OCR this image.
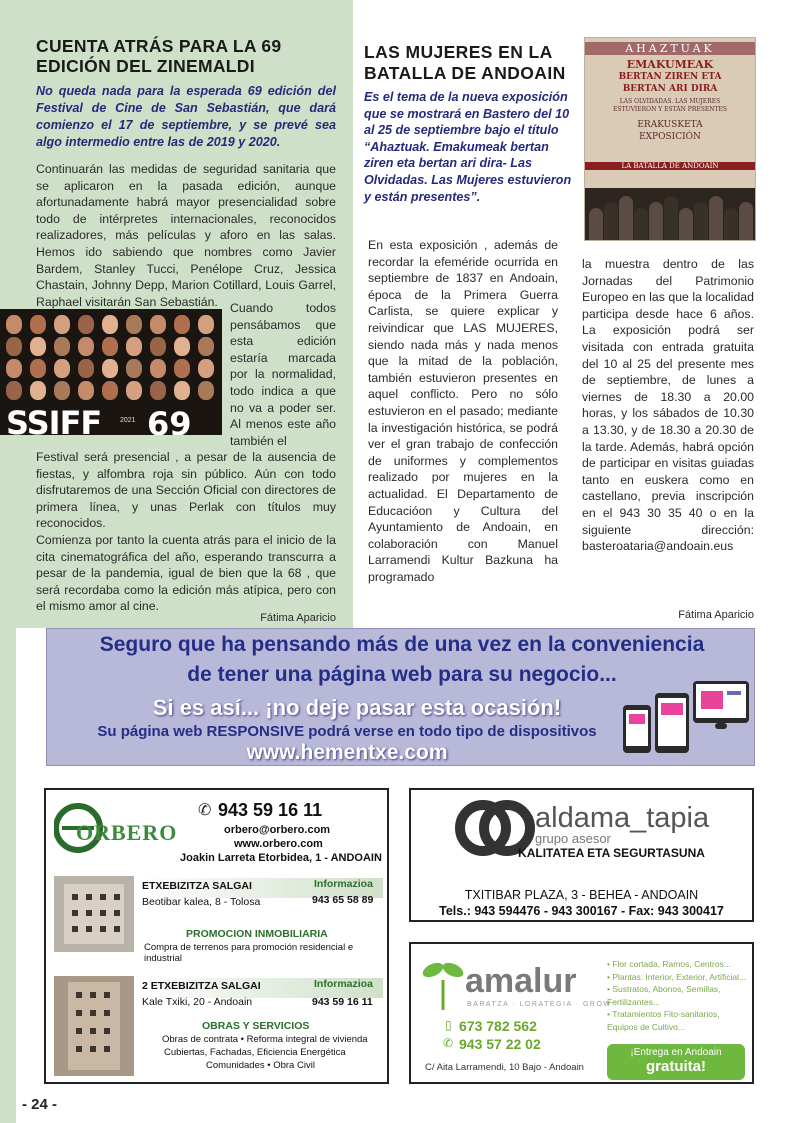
CUENTA ATRÁS PARA LA 69 EDICIÓN DEL ZINEMALDI

No queda nada para la esperada 69 edición del Festival de Cine de San Sebastián, que dará comienzo el 17 de septiembre, y se prevé sea algo intermedio entre las de 2019 y 2020.

Continuarán las medidas de seguridad sanitaria que se aplicaron en la pasada edición, aunque afortunadamente habrá mayor presencialidad sobre todo de intérpretes internacionales, reconocidos realizadores, más películas y aforo en las salas. Hemos ido sabiendo que nombres como Javier Bardem, Stanley Tucci, Penélope Cruz, Jessica Chastain, Johnny Depp, Marion Cotillard, Louis Garrel, Raphael visitarán San Sebastián.

SSIFF	2021 69

Cuando todos pensábamos que esta edición estaría marcada por la normalidad, todo indica a que no va a poder ser. Al menos este año también el

Festival será presencial , a pesar de la ausencia de fiestas, y alfombra roja sin público. Aún con todo disfrutaremos de una Sección Oficial con directores de primera línea, y unas Perlak con títulos muy reconocidos.

Comienza por tanto la cuenta atrás para el inicio de la cita cinematográfica del año, esperando transcurra a pesar de la pandemia, igual de bien que la 68 , que será recordaba como la edición más atípica, pero con el mismo amor al cine.

Fátima Aparicio

LAS MUJERES EN LA BATALLA DE ANDOAIN

Es el tema de la nueva exposición que se mostrará en Bastero del 10 al 25 de septiembre bajo el título “Ahaztuak. Emakumeak bertan ziren eta bertan ari dira- Las Olvidadas. Las Mujeres estuvieron y están presentes”.

AHAZTUAK
EMAKUMEAK
BERTAN ZIREN ETA
BERTAN ARI DIRA
LAS OLVIDADAS. LAS MUJERES
ESTUVIERON Y ESTÁN PRESENTES
ERAKUSKETA
EXPOSICIÓN
LA BATALLA DE ANDOAIN

En esta exposición , además de recordar la efeméride ocurrida en septiembre de 1837 en Andoain, época de la Primera Guerra Carlista, se quiere explicar y reivindicar que LAS MUJERES, siendo nada más y nada menos que la mitad de la población, también estuvieron presentes en aquel conflicto. Pero no sólo estuvieron en el pasado; mediante la investigación histórica, se podrá ver el gran trabajo de confección de uniformes y complementos realizado por mujeres en la actualidad. El Departamento de Educacióon y Cultura del Ayuntamiento de Andoain, en colaboración con Manuel Larramendi Kultur Bazkuna ha programado

la muestra dentro de las Jornadas del Patrimonio Europeo en las que la localidad participa desde hace 6 años. La exposición podrá ser visitada con entrada gratuita del 10 al 25 del presente mes de septiembre, de lunes a viernes de 18.30 a 20.00 horas, y los sábados de 10.30 a 13.30, y de 18.30 a 20.30 de la tarde. Además, habrá opción de participar en visitas guiadas tanto en euskera como en castellano, previa inscripción en el 943 30 35 40 o en la siguiente dirección: basteroataria@andoain.eus

Fátima Aparicio

Seguro que ha pensando más de una vez en la conveniencia
de tener una página web para su negocio...
Si es así... ¡no deje pasar esta ocasión!
Su página web RESPONSIVE podrá verse en todo tipo de dispositivos
www.hementxe.com
ORBERO
✆ 943 59 16 11
orbero@orbero.com
www.orbero.com
Joakin Larreta Etorbidea, 1 - ANDOAIN
ETXEBIZITZA SALGAI	Informazioa
Beotibar kalea, 8 - Tolosa	943 65 58 89
PROMOCION INMOBILIARIA
Compra de terrenos para promoción residencial e industrial
2 ETXEBIZITZA SALGAI	Informazioa
Kale Txiki, 20 - Andoain	943 59 16 11
OBRAS Y SERVICIOS
Obras de contrata • Reforma integral de vivienda
Cubiertas, Fachadas, Eficiencia Energética
Comunidades • Obra Civil
aldama_tapia
grupo asesor
KALITATEA ETA SEGURTASUNA
TXITIBAR PLAZA, 3 - BEHEA - ANDOAIN
Tels.: 943 594476 - 943 300167 - Fax: 943 300417
amalur
BARATZA · LORATEGIA · GROW
673 782 562
943 57 22 02
▯
✆
C/ Aita Larramendi, 10 Bajo - Andoain
• Flor cortada, Ramos, Centros...
• Plantas: Interior, Exterior, Artificial...
• Sustratos, Abonos, Semillas, Fertilizantes...
• Tratamientos Fito-sanitarios, Equipos de Cultivo...
¡Entrega en Andoain
gratuita!
- 24 -
